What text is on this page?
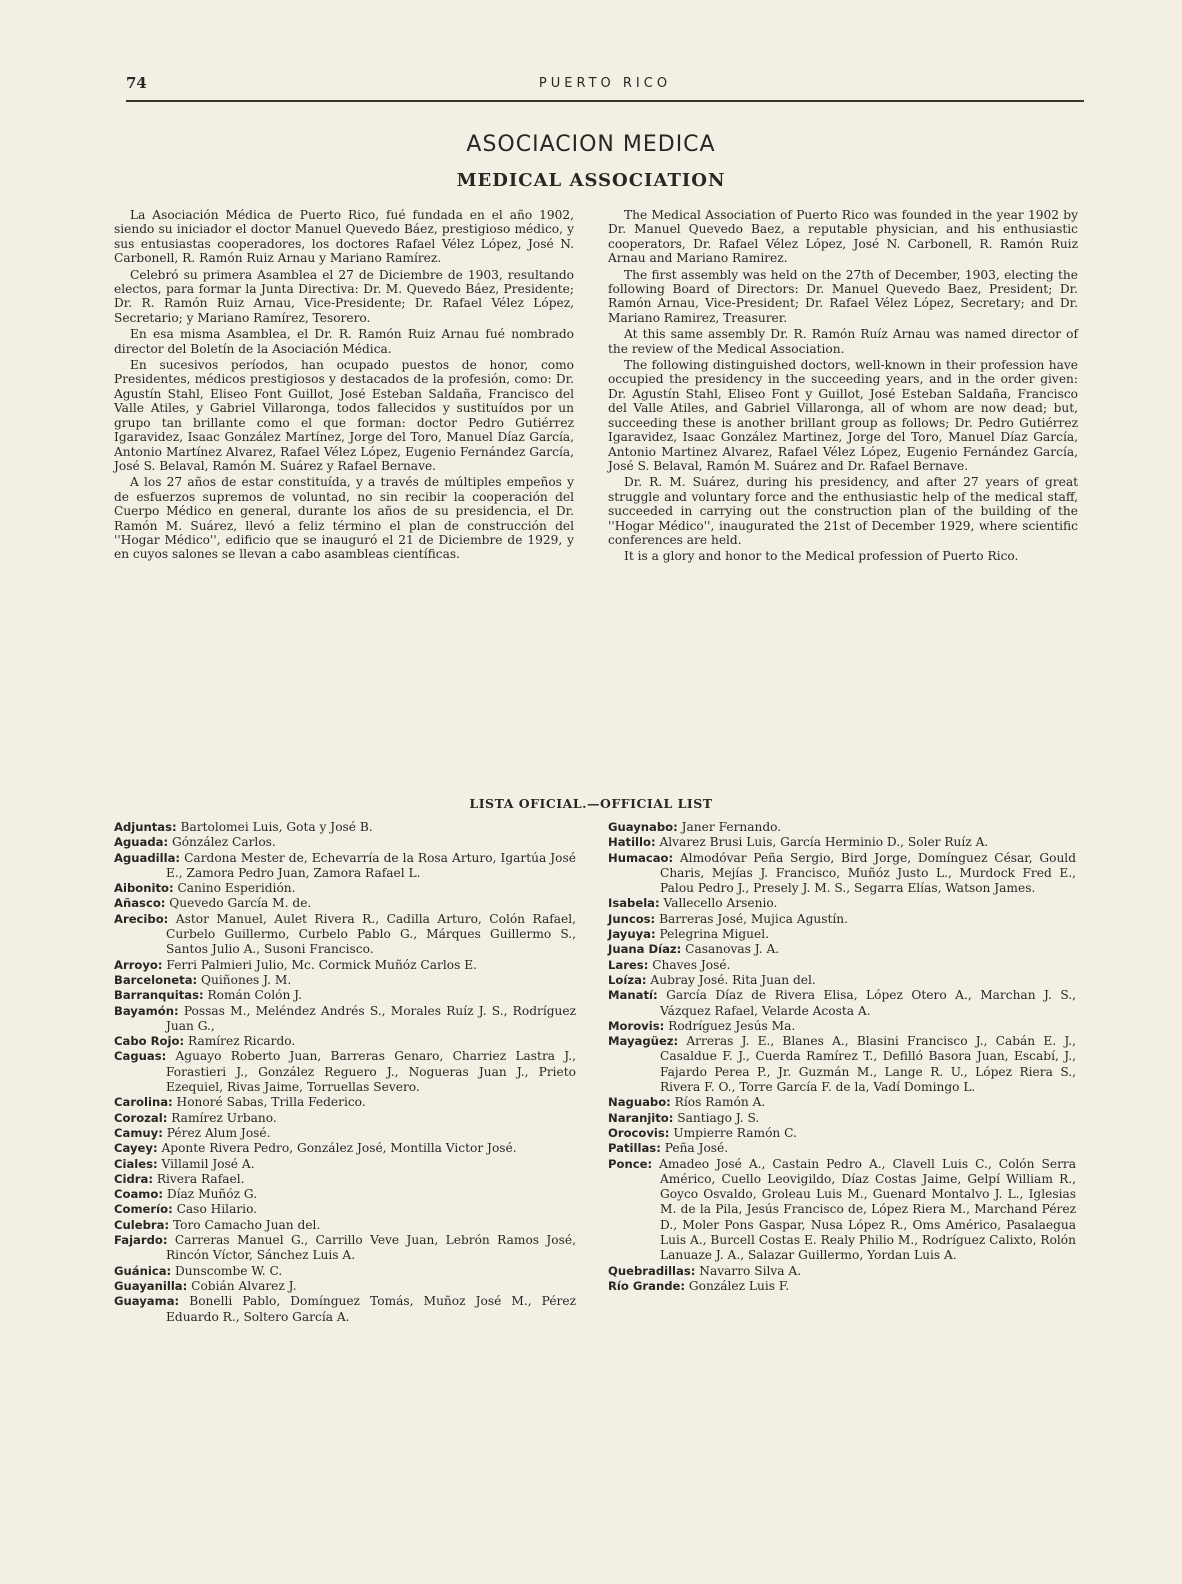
74	PUERTO RICO
ASOCIACION MEDICA
MEDICAL ASSOCIATION

La Asociación Médica de Puerto Rico, fué fundada en el año 1902, siendo su iniciador el doctor Manuel Quevedo Báez, prestigioso médico, y sus entusiastas cooperadores, los doctores Rafael Vélez López, José N. Carbonell, R. Ramón Ruiz Arnau y Mariano Ramírez.

Celebró su primera Asamblea el 27 de Diciembre de 1903, resultando electos, para formar la Junta Directiva: Dr. M. Quevedo Báez, Presidente; Dr. R. Ramón Ruiz Arnau, Vice-Presidente; Dr. Rafael Vélez López, Secretario; y Mariano Ramírez, Tesorero.

En esa misma Asamblea, el Dr. R. Ramón Ruiz Arnau fué nombrado director del Boletín de la Asociación Médica.

En sucesivos períodos, han ocupado puestos de honor, como Presidentes, médicos prestigiosos y destacados de la profesión, como: Dr. Agustín Stahl, Eliseo Font Guillot, José Esteban Saldaña, Francisco del Valle Atiles, y Gabriel Villaronga, todos fallecidos y sustituídos por un grupo tan brillante como el que forman: doctor Pedro Gutiérrez Igaravidez, Isaac González Martínez, Jorge del Toro, Manuel Díaz García, Antonio Martínez Alvarez, Rafael Vélez López, Eugenio Fernández García, José S. Belaval, Ramón M. Suárez y Rafael Bernave.

A los 27 años de estar constituída, y a través de múltiples empeños y de esfuerzos supremos de voluntad, no sin recibir la cooperación del Cuerpo Médico en general, durante los años de su presidencia, el Dr. Ramón M. Suárez, llevó a feliz término el plan de construcción del ''Hogar Médico'', edificio que se inauguró el 21 de Diciembre de 1929, y en cuyos salones se llevan a cabo asambleas científicas.

The Medical Association of Puerto Rico was founded in the year 1902 by Dr. Manuel Quevedo Baez, a reputable physician, and his enthusiastic cooperators, Dr. Rafael Vélez López, José N. Carbonell, R. Ramón Ruiz Arnau and Mariano Ramirez.

The first assembly was held on the 27th of December, 1903, electing the following Board of Directors: Dr. Manuel Quevedo Baez, President; Dr. Ramón Arnau, Vice-President; Dr. Rafael Vélez López, Secretary; and Dr. Mariano Ramirez, Treasurer.

At this same assembly Dr. R. Ramón Ruíz Arnau was named director of the review of the Medical Association.

The following distinguished doctors, well-known in their profession have occupied the presidency in the succeeding years, and in the order given: Dr. Agustín Stahl, Eliseo Font y Guillot, José Esteban Saldaña, Francisco del Valle Atiles, and Gabriel Villaronga, all of whom are now dead; but, succeeding these is another brillant group as follows; Dr. Pedro Gutiérrez Igaravidez, Isaac González Martinez, Jorge del Toro, Manuel Díaz García, Antonio Martinez Alvarez, Rafael Vélez López, Eugenio Fernández García, José S. Belaval, Ramón M. Suárez and Dr. Rafael Bernave.

Dr. R. M. Suárez, during his presidency, and after 27 years of great struggle and voluntary force and the enthusiastic help of the medical staff, succeeded in carrying out the construction plan of the building of the ''Hogar Médico'', inaugurated the 21st of December 1929, where scientific conferences are held.

It is a glory and honor to the Medical profession of Puerto Rico.

LISTA OFICIAL.—OFFICIAL LIST

Adjuntas: Bartolomei Luis, Gota y José B.

Aguada: Gónzález Carlos.

Aguadilla: Cardona Mester de, Echevarría de la Rosa Arturo, Igartúa José E., Zamora Pedro Juan, Zamora Rafael L.

Aibonito: Canino Esperidión.

Añasco: Quevedo García M. de.

Arecibo: Astor Manuel, Aulet Rivera R., Cadilla Arturo, Colón Rafael, Curbelo Guillermo, Curbelo Pablo G., Márques Guillermo S., Santos Julio A., Susoni Francisco.

Arroyo: Ferri Palmieri Julio, Mc. Cormick Muñóz Carlos E.

Barceloneta: Quiñones J. M.

Barranquitas: Román Colón J.

Bayamón: Possas M., Meléndez Andrés S., Morales Ruíz J. S., Rodríguez Juan G.,

Cabo Rojo: Ramírez Ricardo.

Caguas: Aguayo Roberto Juan, Barreras Genaro, Charriez Lastra J., Forastieri J., González Reguero J., Nogueras Juan J., Prieto Ezequiel, Rivas Jaime, Torruellas Severo.

Carolina: Honoré Sabas, Trilla Federico.

Corozal: Ramírez Urbano.

Camuy: Pérez Alum José.

Cayey: Aponte Rivera Pedro, González José, Montilla Victor José.

Ciales: Villamil José A.

Cidra: Rivera Rafael.

Coamo: Díaz Muñóz G.

Comerío: Caso Hilario.

Culebra: Toro Camacho Juan del.

Fajardo: Carreras Manuel G., Carrillo Veve Juan, Lebrón Ramos José, Rincón Víctor, Sánchez Luis A.

Guánica: Dunscombe W. C.

Guayanilla: Cobián Alvarez J.

Guayama: Bonelli Pablo, Domínguez Tomás, Muñoz José M., Pérez Eduardo R., Soltero García A.

Guaynabo: Janer Fernando.

Hatillo: Alvarez Brusi Luis, García Herminio D., Soler Ruíz A.

Humacao: Almodóvar Peña Sergio, Bird Jorge, Domínguez César, Gould Charis, Mejías J. Francisco, Muñóz Justo L., Murdock Fred E., Palou Pedro J., Presely J. M. S., Segarra Elías, Watson James.

Isabela: Vallecello Arsenio.

Juncos: Barreras José, Mujica Agustín.

Jayuya: Pelegrina Miguel.

Juana Díaz: Casanovas J. A.

Lares: Chaves José.

Loíza: Aubray José. Rita Juan del.

Manatí: García Díaz de Rivera Elisa, López Otero A., Marchan J. S., Vázquez Rafael, Velarde Acosta A.

Morovis: Rodríguez Jesús Ma.

Mayagüez: Arreras J. E., Blanes A., Blasini Francisco J., Cabán E. J., Casaldue F. J., Cuerda Ramírez T., Defilló Basora Juan, Escabí, J., Fajardo Perea P., Jr. Guzmán M., Lange R. U., López Riera S., Rivera F. O., Torre García F. de la, Vadí Domingo L.

Naguabo: Ríos Ramón A.

Naranjito: Santiago J. S.

Orocovis: Umpierre Ramón C.

Patillas: Peña José.

Ponce: Amadeo José A., Castain Pedro A., Clavell Luis C., Colón Serra Américo, Cuello Leovigildo, Díaz Costas Jaime, Gelpí William R., Goyco Osvaldo, Groleau Luis M., Guenard Montalvo J. L., Iglesias M. de la Pila, Jesús Francisco de, López Riera M., Marchand Pérez D., Moler Pons Gaspar, Nusa López R., Oms Américo, Pasalaegua Luis A., Burcell Costas E. Realy Philio M., Rodríguez Calixto, Rolón Lanuaze J. A., Salazar Guillermo, Yordan Luis A.

Quebradillas: Navarro Silva A.

Río Grande: González Luis F.
